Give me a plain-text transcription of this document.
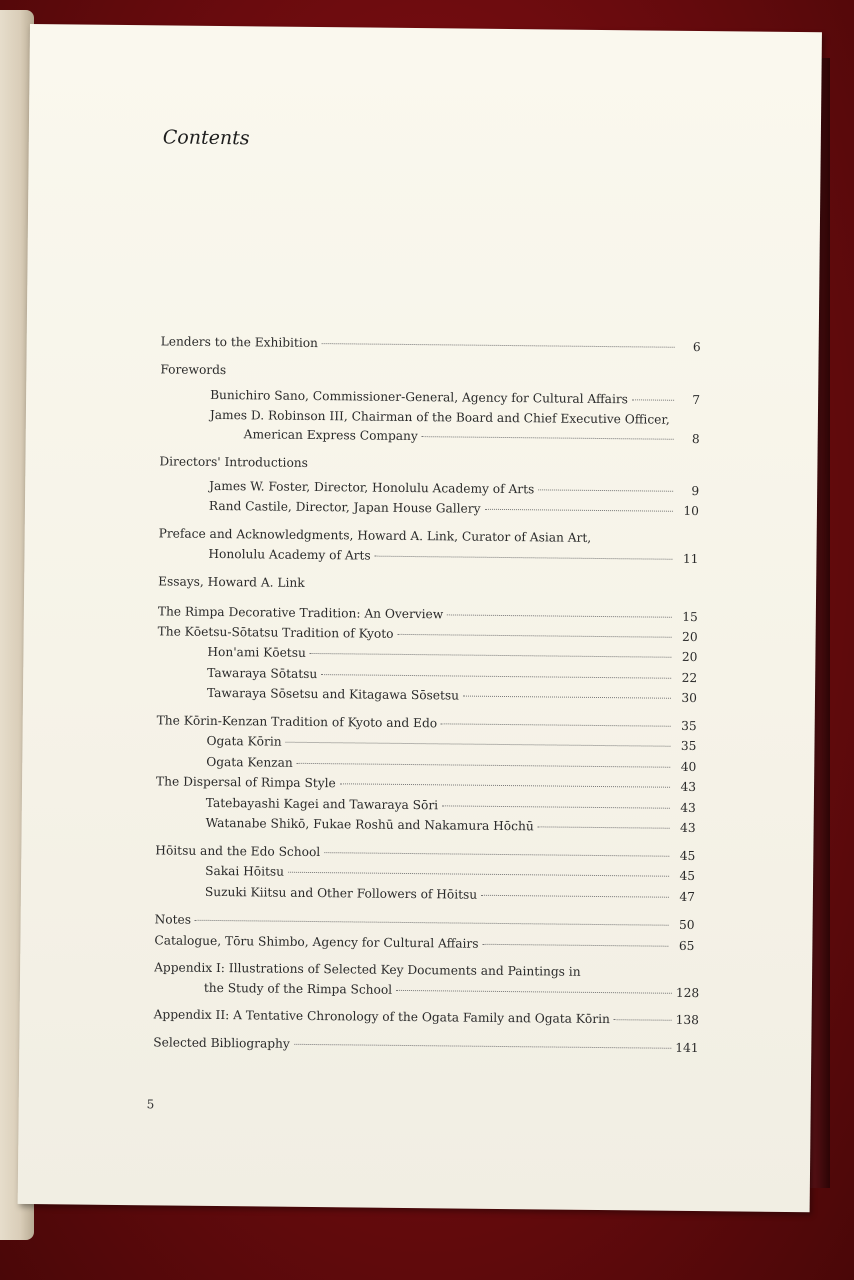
Contents
Lenders to the Exhibition	6
Forewords
Bunichiro Sano, Commissioner-General, Agency for Cultural Affairs	7
James D. Robinson III, Chairman of the Board and Chief Executive Officer,
American Express Company	8
Directors' Introductions
James W. Foster, Director, Honolulu Academy of Arts	9
Rand Castile, Director, Japan House Gallery	10
Preface and Acknowledgments, Howard A. Link, Curator of Asian Art,
Honolulu Academy of Arts	11
Essays, Howard A. Link
The Rimpa Decorative Tradition: An Overview	15
The Kōetsu-Sōtatsu Tradition of Kyoto	20
Hon'ami Kōetsu	20
Tawaraya Sōtatsu	22
Tawaraya Sōsetsu and Kitagawa Sōsetsu	30
The Kōrin-Kenzan Tradition of Kyoto and Edo	35
Ogata Kōrin	35
Ogata Kenzan	40
The Dispersal of Rimpa Style	43
Tatebayashi Kagei and Tawaraya Sōri	43
Watanabe Shikō, Fukae Roshū and Nakamura Hōchū	43
Hōitsu and the Edo School	45
Sakai Hōitsu	45
Suzuki Kiitsu and Other Followers of Hōitsu	47
Notes	50
Catalogue, Tōru Shimbo, Agency for Cultural Affairs	65
Appendix I: Illustrations of Selected Key Documents and Paintings in
the Study of the Rimpa School	128
Appendix II: A Tentative Chronology of the Ogata Family and Ogata Kōrin	138
Selected Bibliography	141
5
